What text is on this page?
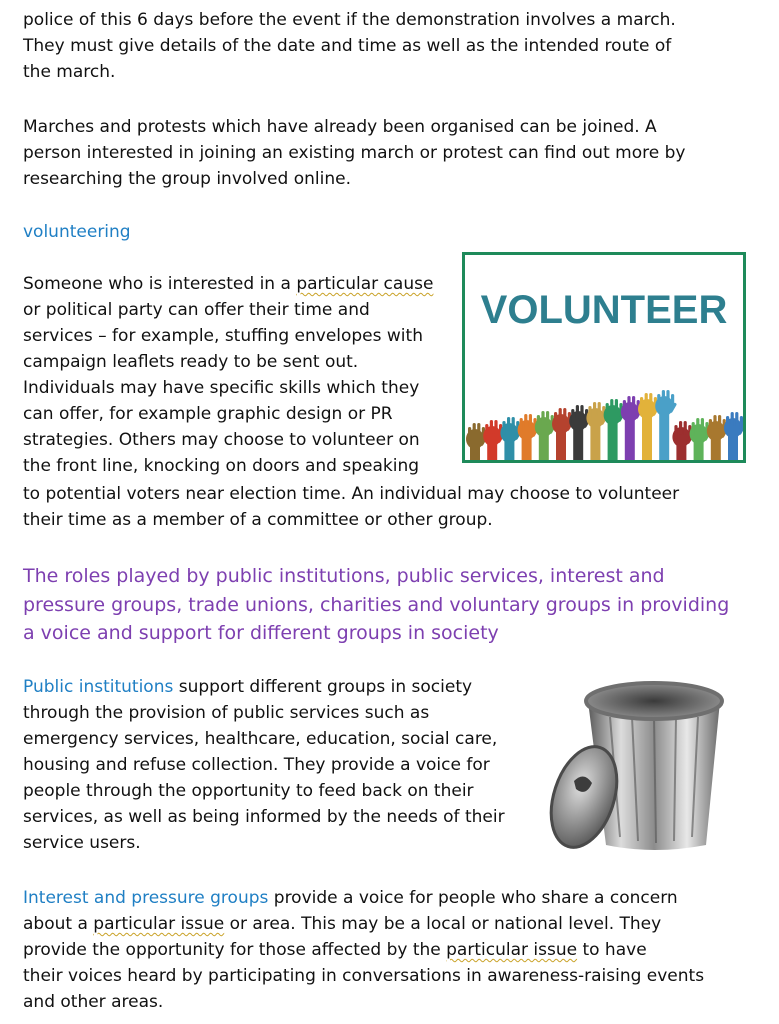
police of this 6 days before the event if the demonstration involves a march.
They must give details of the date and time as well as the intended route of
the march.

Marches and protests which have already been organised can be joined. A
person interested in joining an existing march or protest can find out more by
researching the group involved online.

volunteering

Someone who is interested in a particular cause
or political party can offer their time and
services – for example, stuffing envelopes with
campaign leaflets ready to be sent out.
Individuals may have specific skills which they
can offer, for example graphic design or PR
strategies. Others may choose to volunteer on
the front line, knocking on doors and speaking

to potential voters near election time. An individual may choose to volunteer
their time as a member of a committee or other group.

VOLUNTEER

The roles played by public institutions, public services, interest and
pressure groups, trade unions, charities and voluntary groups in providing
a voice and support for different groups in society

Public institutions support different groups in society
through the provision of public services such as
emergency services, healthcare, education, social care,
housing and refuse collection. They provide a voice for
people through the opportunity to feed back on their
services, as well as being informed by the needs of their
service users.

Interest and pressure groups provide a voice for people who share a concern
about a particular issue or area. This may be a local or national level. They
provide the opportunity for those affected by the particular issue to have
their voices heard by participating in conversations in awareness-raising events
and other areas.
